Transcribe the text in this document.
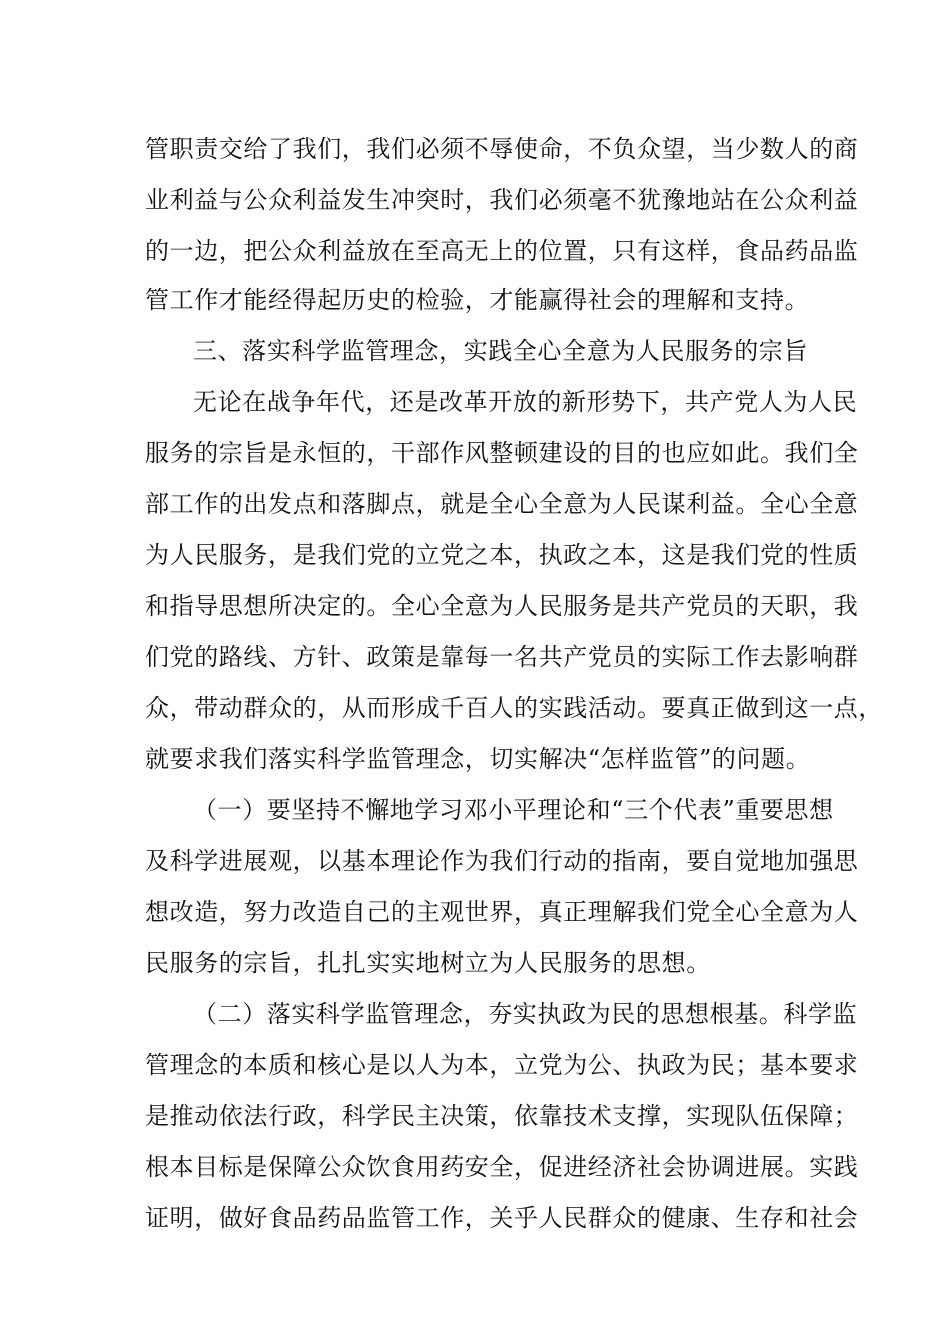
管职责交给了我们，我们必须不辱使命，不负众望，当少数人的商
业利益与公众利益发生冲突时，我们必须毫不犹豫地站在公众利益
的一边，把公众利益放在至高无上的位置，只有这样，食品药品监
管工作才能经得起历史的检验，才能赢得社会的理解和支持。
三、落实科学监管理念，实践全心全意为人民服务的宗旨
无论在战争年代，还是改革开放的新形势下，共产党人为人民
服务的宗旨是永恒的，干部作风整顿建设的目的也应如此。我们全
部工作的出发点和落脚点，就是全心全意为人民谋利益。全心全意
为人民服务，是我们党的立党之本，执政之本，这是我们党的性质
和指导思想所决定的。全心全意为人民服务是共产党员的天职，我
们党的路线、方针、政策是靠每一名共产党员的实际工作去影响群
众，带动群众的，从而形成千百人的实践活动。要真正做到这一点，
就要求我们落实科学监管理念，切实解决“怎样监管”的问题。
（一）要坚持不懈地学习邓小平理论和“三个代表”重要思想
及科学进展观，以基本理论作为我们行动的指南，要自觉地加强思
想改造，努力改造自己的主观世界，真正理解我们党全心全意为人
民服务的宗旨，扎扎实实地树立为人民服务的思想。
（二）落实科学监管理念，夯实执政为民的思想根基。科学监
管理念的本质和核心是以人为本，立党为公、执政为民；基本要求
是推动依法行政，科学民主决策，依靠技术支撑，实现队伍保障；
根本目标是保障公众饮食用药安全，促进经济社会协调进展。实践
证明，做好食品药品监管工作，关乎人民群众的健康、生存和社会
